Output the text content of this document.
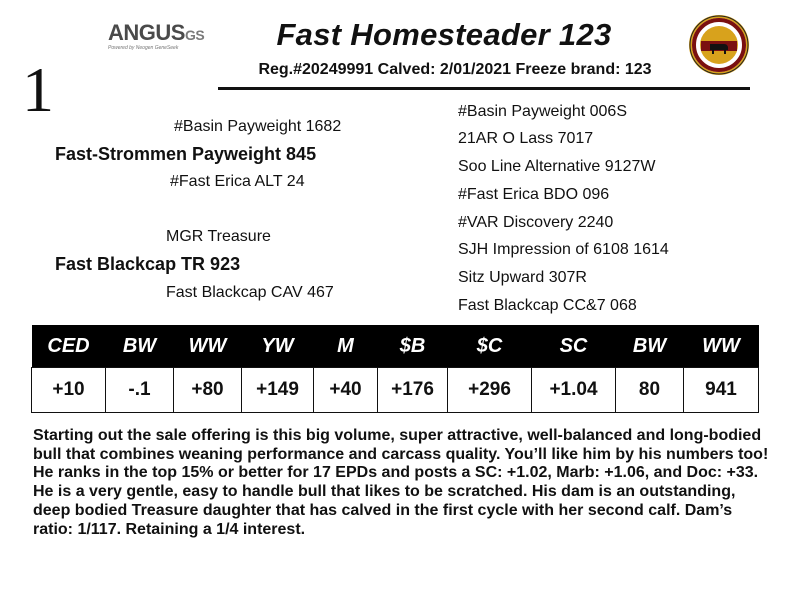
1
ANGUSGS
Powered by Neogen GeneSeek	Fast Homesteader 123
Reg.#20249991 Calved: 2/01/2021 Freeze brand: 123
#Basin Payweight 1682
Fast-Strommen Payweight 845
#Fast Erica ALT 24
MGR Treasure
Fast Blackcap TR 923
Fast Blackcap CAV 467
#Basin Payweight 006S
21AR O Lass 7017
Soo Line Alternative 9127W
#Fast Erica BDO 096
#VAR Discovery 2240
SJH Impression of 6108 1614
Sitz Upward 307R
Fast Blackcap CC&7 068
CED	BW	WW	YW	M	$B	$C	SC	BW	WW
+10	-.1	+80	+149	+40	+176	+296	+1.04	80	941
Starting out the sale offering is this big volume, super attractive, well-balanced and long-bodied bull that combines weaning performance and carcass quality. You’ll like him by his numbers too! He ranks in the top 15% or better for 17 EPDs and posts a SC: +1.02, Marb: +1.06, and Doc: +33. He is a very gentle, easy to handle bull that likes to be scratched. His dam is an outstanding, deep bodied Treasure daughter that has calved in the first cycle with her second calf. Dam’s ratio: 1/117. Retaining a 1/4 interest.
